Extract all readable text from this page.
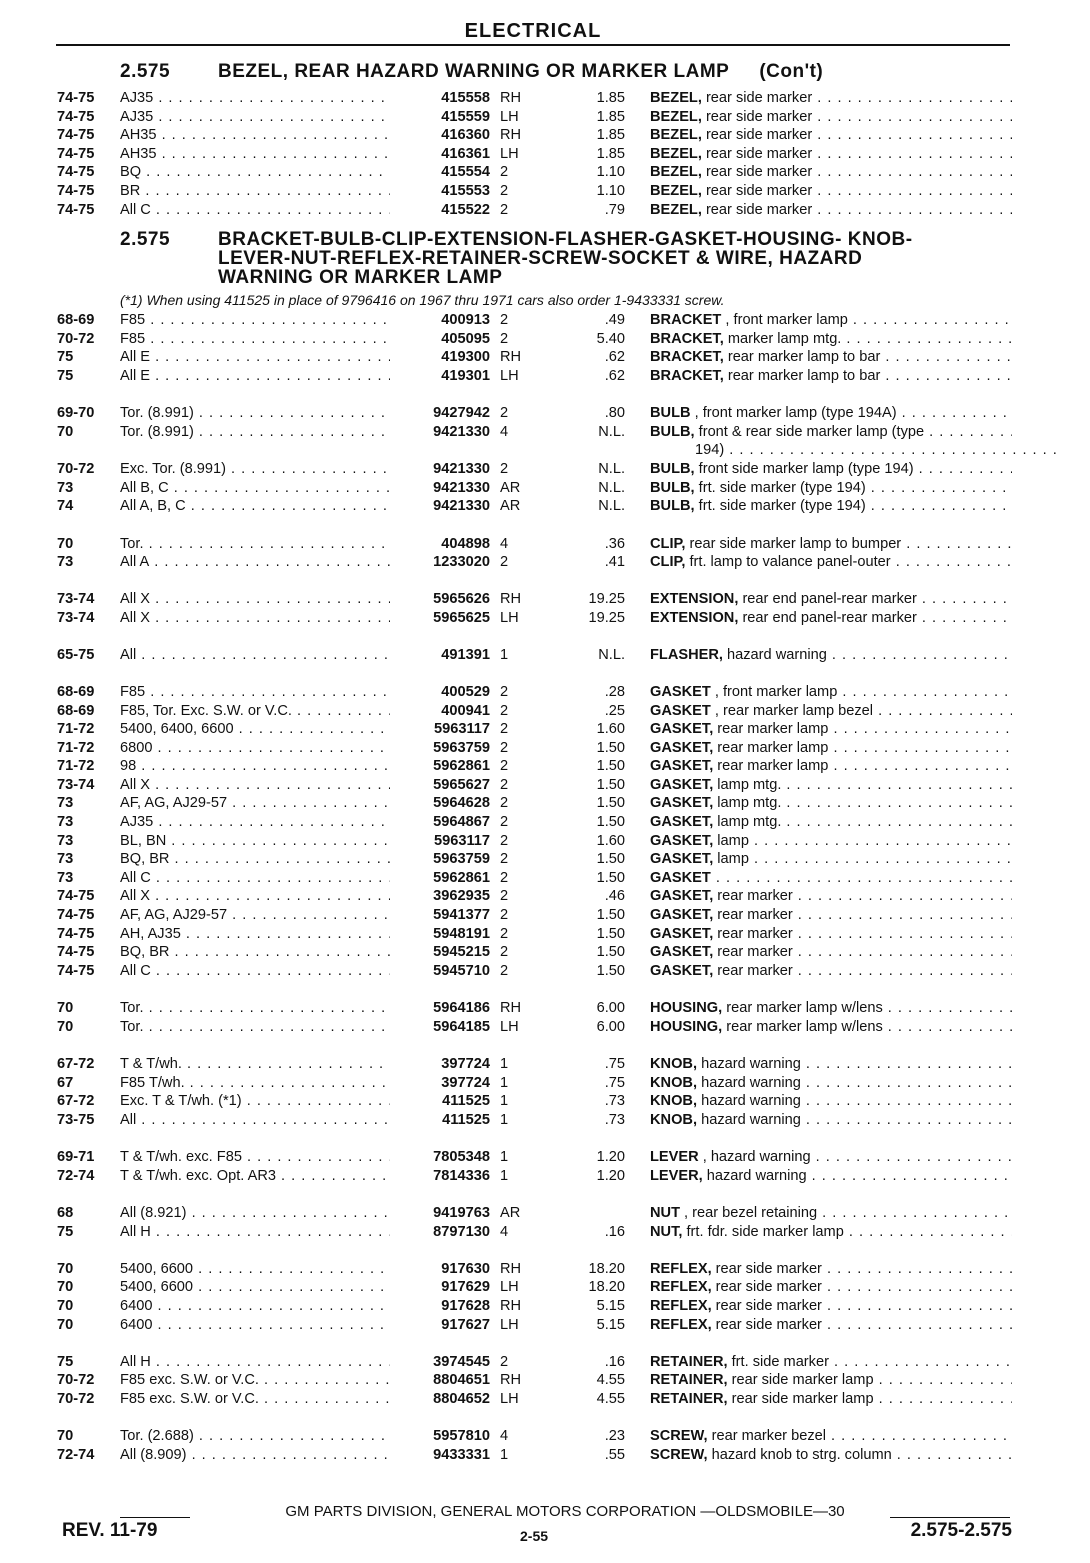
ELECTRICAL
2.575	BEZEL, REAR HAZARD WARNING OR MARKER LAMP (Con't)
74-75	AJ35 . . .	415558 RH	1.85 BEZEL, rear side marker . . .
74-75	AJ35 . . .	415559 LH	1.85 BEZEL, rear side marker . . .
74-75	AH35 . . .	416360 RH	1.85 BEZEL, rear side marker . . .
74-75	AH35 . . .	416361 LH	1.85 BEZEL, rear side marker . . .
74-75	BQ . . .	415554 2	1.10 BEZEL, rear side marker . . .
74-75	BR . . .	415553 2	1.10 BEZEL, rear side marker . . .
74-75	All C . . .	415522 2	.79 BEZEL, rear side marker . . .
2.575	BRACKET-BULB-CLIP-EXTENSION-FLASHER-GASKET-HOUSING- KNOB-
LEVER-NUT-REFLEX-RETAINER-SCREW-SOCKET & WIRE, HAZARD
WARNING OR MARKER LAMP
(*1) When using 411525 in place of 9796416 on 1967 thru 1971 cars also order 1-9433331 screw.
68-69	F85 . . .	400913 2	.49 BRACKET , front marker lamp . . .
70-72	F85 . . .	405095 2	5.40 BRACKET, marker lamp mtg. . . .
75	All E . . .	419300 RH	.62 BRACKET, rear marker lamp to bar . . .
75	All E . . .	419301 LH	.62 BRACKET, rear marker lamp to bar . . .
69-70	Tor. (8.991) . . .	9427942 2	.80 BULB , front marker lamp (type 194A) . . .
70	Tor. (8.991) . . .	9421330 4	N.L. BULB, front & rear side marker lamp (type . . .
194) . . .
70-72	Exc. Tor. (8.991) . . .	9421330 2	N.L. BULB, front side marker lamp (type 194) . . .
73	All B, C . . .	9421330 AR	N.L. BULB, frt. side marker (type 194) . . .
74	All A, B, C . . .	9421330 AR	N.L. BULB, frt. side marker (type 194) . . .
70	Tor. . . .	404898 4	.36 CLIP, rear side marker lamp to bumper . . .
73	All A . . .	1233020 2	.41 CLIP, frt. lamp to valance panel-outer . . .
73-74	All X . . .	5965626 RH	19.25 EXTENSION, rear end panel-rear marker . . .
73-74	All X . . .	5965625 LH	19.25 EXTENSION, rear end panel-rear marker . . .
65-75	All . . .	491391 1	N.L. FLASHER, hazard warning . . .
68-69	F85 . . .	400529 2	.28 GASKET , front marker lamp . . .
68-69	F85, Tor. Exc. S.W. or V.C. . . .	400941 2	.25 GASKET , rear marker lamp bezel . . .
71-72	5400, 6400, 6600 . . .	5963117 2	1.60 GASKET, rear marker lamp . . .
71-72	6800 . . .	5963759 2	1.50 GASKET, rear marker lamp . . .
71-72	98 . . .	5962861 2	1.50 GASKET, rear marker lamp . . .
73-74	All X . . .	5965627 2	1.50 GASKET, lamp mtg. . . .
73	AF, AG, AJ29-57 . . .	5964628 2	1.50 GASKET, lamp mtg. . . .
73	AJ35 . . .	5964867 2	1.50 GASKET, lamp mtg. . . .
73	BL, BN . . .	5963117 2	1.60 GASKET, lamp . . .
73	BQ, BR . . .	5963759 2	1.50 GASKET, lamp . . .
73	All C . . .	5962861 2	1.50 GASKET . . .
74-75	All X . . .	3962935 2	.46 GASKET, rear marker . . .
74-75	AF, AG, AJ29-57 . . .	5941377 2	1.50 GASKET, rear marker . . .
74-75	AH, AJ35 . . .	5948191 2	1.50 GASKET, rear marker . . .
74-75	BQ, BR . . .	5945215 2	1.50 GASKET, rear marker . . .
74-75	All C . . .	5945710 2	1.50 GASKET, rear marker . . .
70	Tor. . . .	5964186 RH	6.00 HOUSING, rear marker lamp w/lens . . .
70	Tor. . . .	5964185 LH	6.00 HOUSING, rear marker lamp w/lens . . .
67-72	T & T/wh. . . .	397724 1	.75 KNOB, hazard warning . . .
67	F85 T/wh. . . .	397724 1	.75 KNOB, hazard warning . . .
67-72	Exc. T & T/wh. (*1) . . .	411525 1	.73 KNOB, hazard warning . . .
73-75	All . . .	411525 1	.73 KNOB, hazard warning . . .
69-71	T & T/wh. exc. F85 . . .	7805348 1	1.20 LEVER , hazard warning . . .
72-74	T & T/wh. exc. Opt. AR3 . . .	7814336 1	1.20 LEVER, hazard warning . . .
68	All (8.921) . . .	9419763 AR	NUT , rear bezel retaining . . .
75	All H . . .	8797130 4	.16 NUT, frt. fdr. side marker lamp . . .
70	5400, 6600 . . .	917630 RH	18.20 REFLEX, rear side marker . . .
70	5400, 6600 . . .	917629 LH	18.20 REFLEX, rear side marker . . .
70	6400 . . .	917628 RH	5.15 REFLEX, rear side marker . . .
70	6400 . . .	917627 LH	5.15 REFLEX, rear side marker . . .
75	All H . . .	3974545 2	.16 RETAINER, frt. side marker . . .
70-72	F85 exc. S.W. or V.C. . . .	8804651 RH	4.55 RETAINER, rear side marker lamp . . .
70-72	F85 exc. S.W. or V.C. . . .	8804652 LH	4.55 RETAINER, rear side marker lamp . . .
70	Tor. (2.688) . . .	5957810 4	.23 SCREW, rear marker bezel . . .
72-74	All (8.909) . . .	9433331 1	.55 SCREW, hazard knob to strg. column . . .
GM PARTS DIVISION, GENERAL MOTORS CORPORATION —OLDSMOBILE—30
REV. 11-79	2-55	2.575-2.575
